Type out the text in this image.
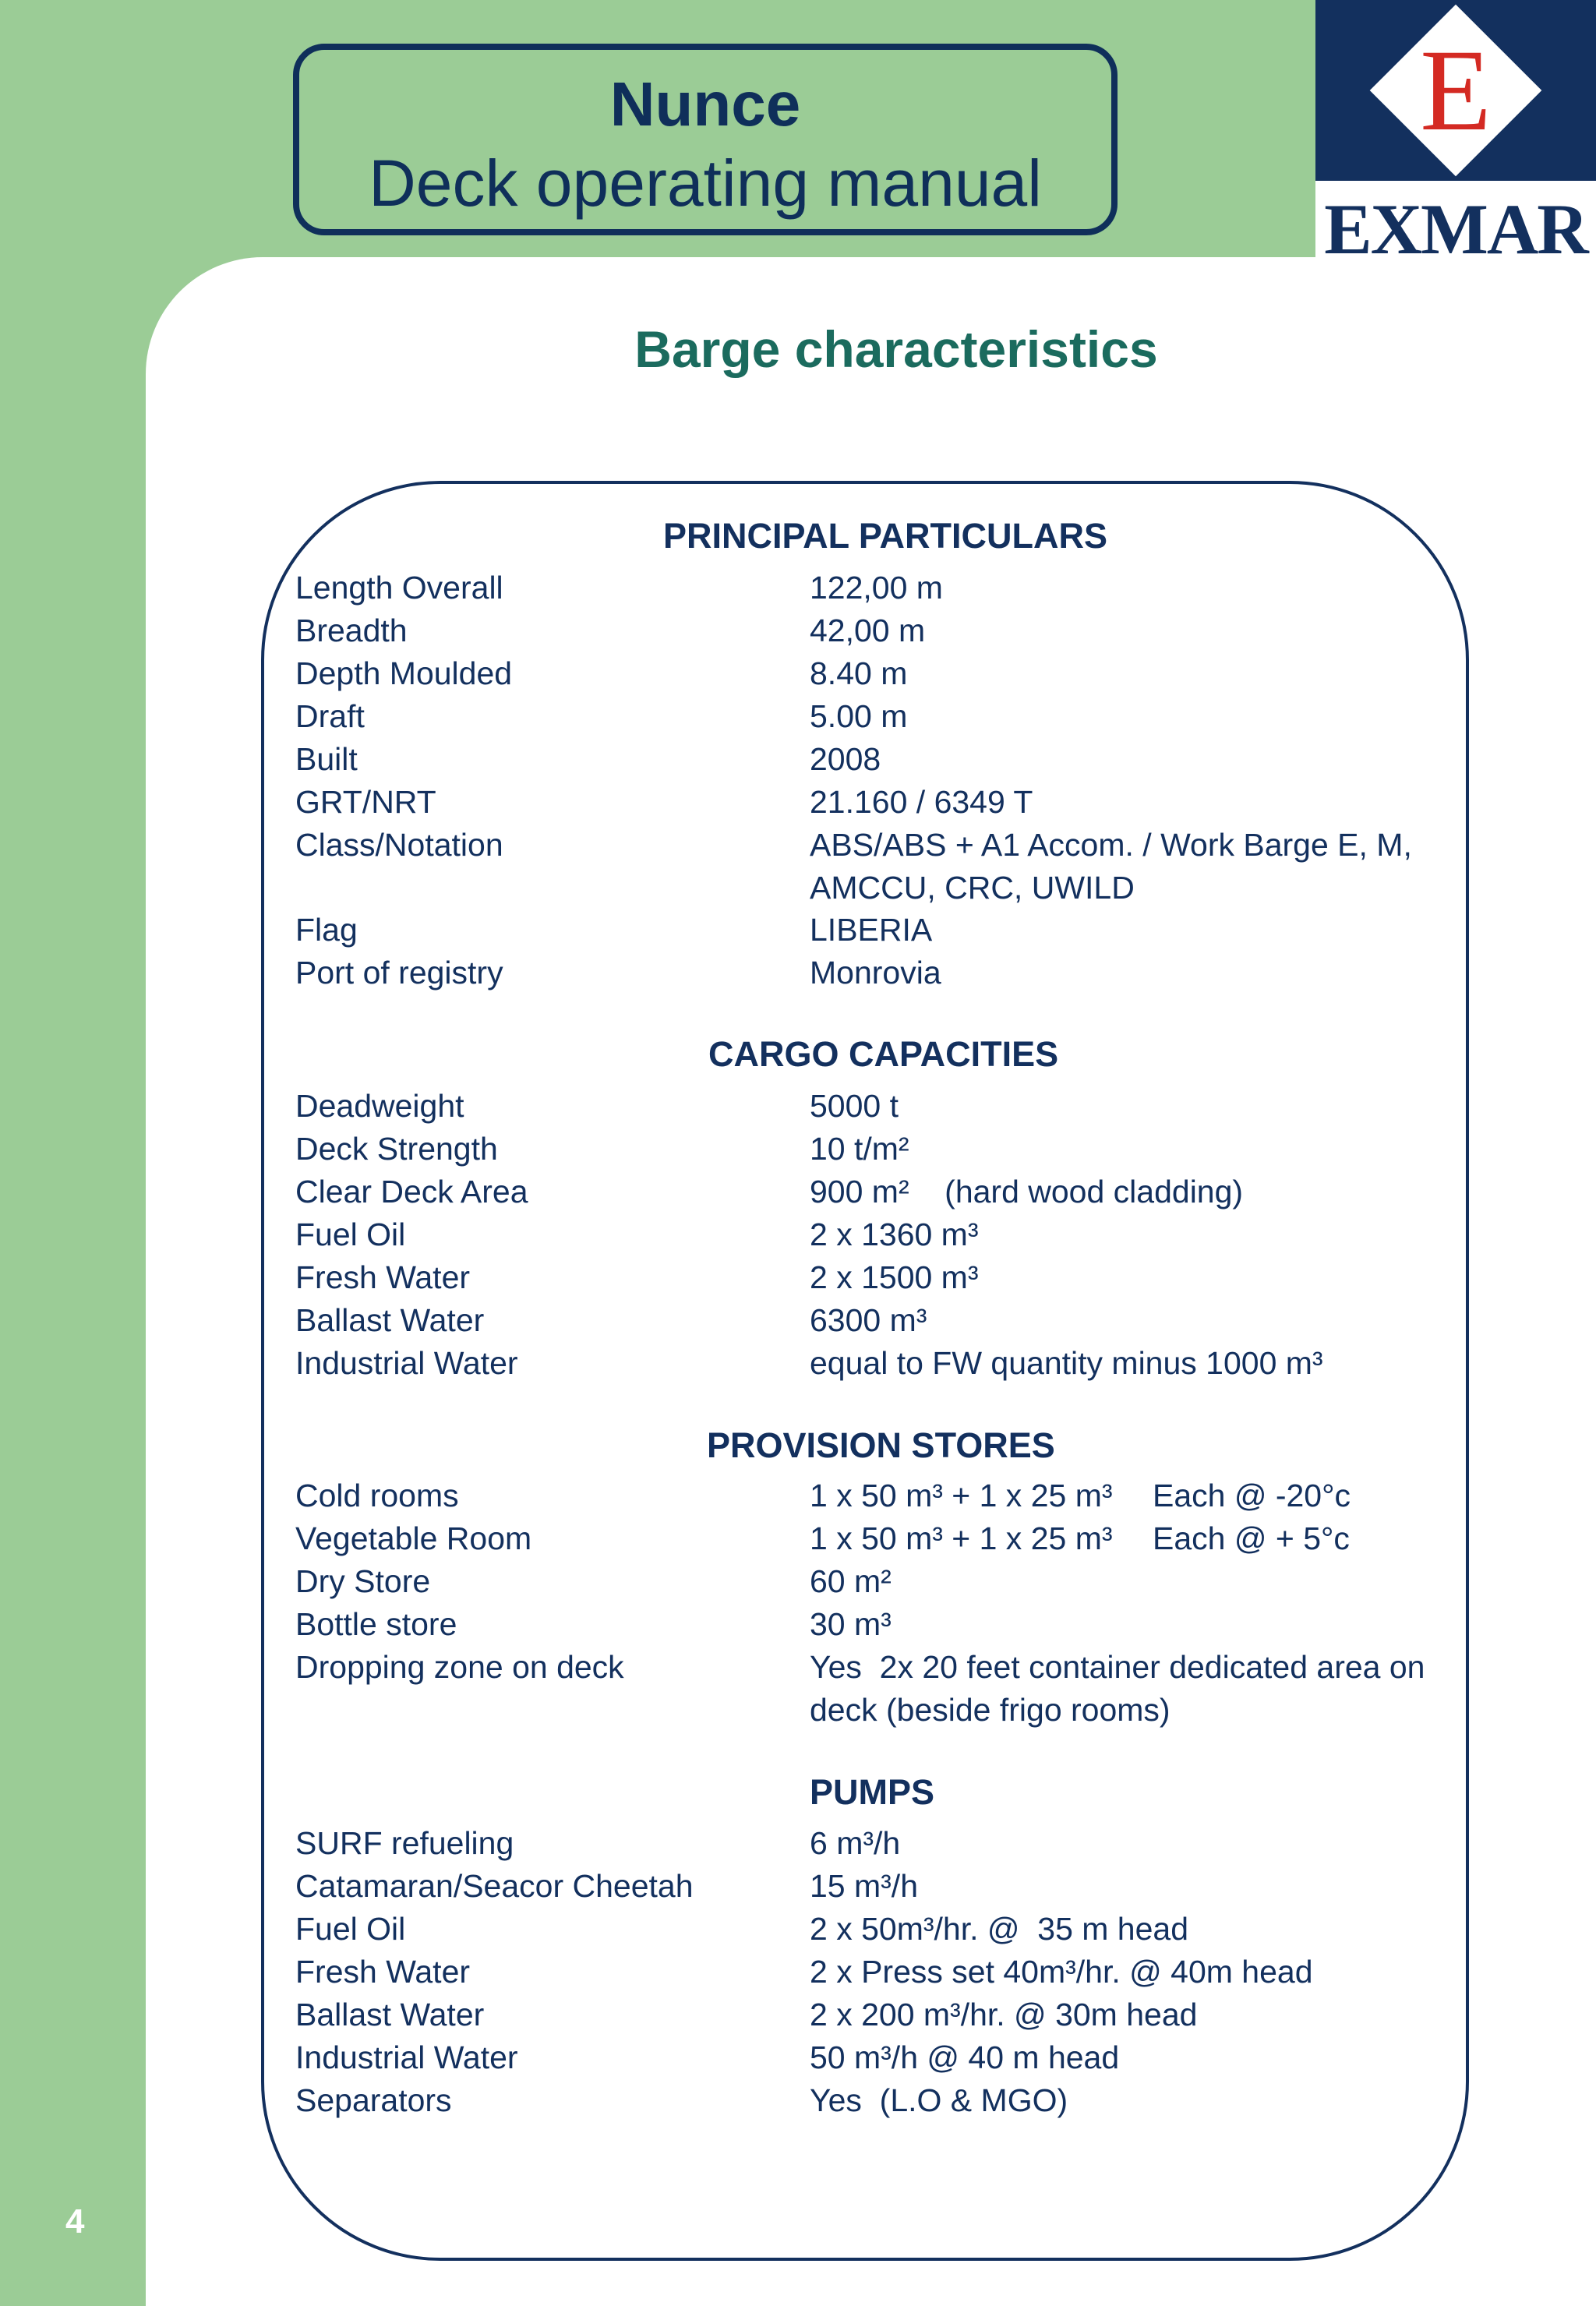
Nunce
Deck operating manual
E
EXMAR
Barge characteristics
PRINCIPAL PARTICULARS
Length Overall	122,00 m
Breadth	42,00 m
Depth Moulded	8.40 m
Draft	5.00 m
Built	2008
GRT/NRT	21.160 / 6349 T
Class/Notation	ABS/ABS + A1 Accom. / Work Barge E, M,
AMCCU, CRC, UWILD
Flag	LIBERIA
Port of registry	Monrovia
CARGO CAPACITIES
Deadweight	5000 t
Deck Strength	10 t/m²
Clear Deck Area	900 m²    (hard wood cladding)
Fuel Oil	2 x 1360 m³
Fresh Water	2 x 1500 m³
Ballast Water	6300 m³
Industrial Water	equal to FW quantity minus 1000 m³
PROVISION STORES
Cold rooms	1 x 50 m³ + 1 x 25 m³ Each @ -20°c
Vegetable Room	1 x 50 m³ + 1 x 25 m³ Each @ + 5°c
Dry Store	60 m²
Bottle store	30 m³
Dropping zone on deck	Yes  2x 20 feet container dedicated area on
deck (beside frigo rooms)
PUMPS
SURF refueling	6 m³/h
Catamaran/Seacor Cheetah	15 m³/h
Fuel Oil	2 x 50m³/hr. @  35 m head
Fresh Water	2 x Press set 40m³/hr. @ 40m head
Ballast Water	2 x 200 m³/hr. @ 30m head
Industrial Water	50 m³/h @ 40 m head
Separators	Yes  (L.O & MGO)
4
